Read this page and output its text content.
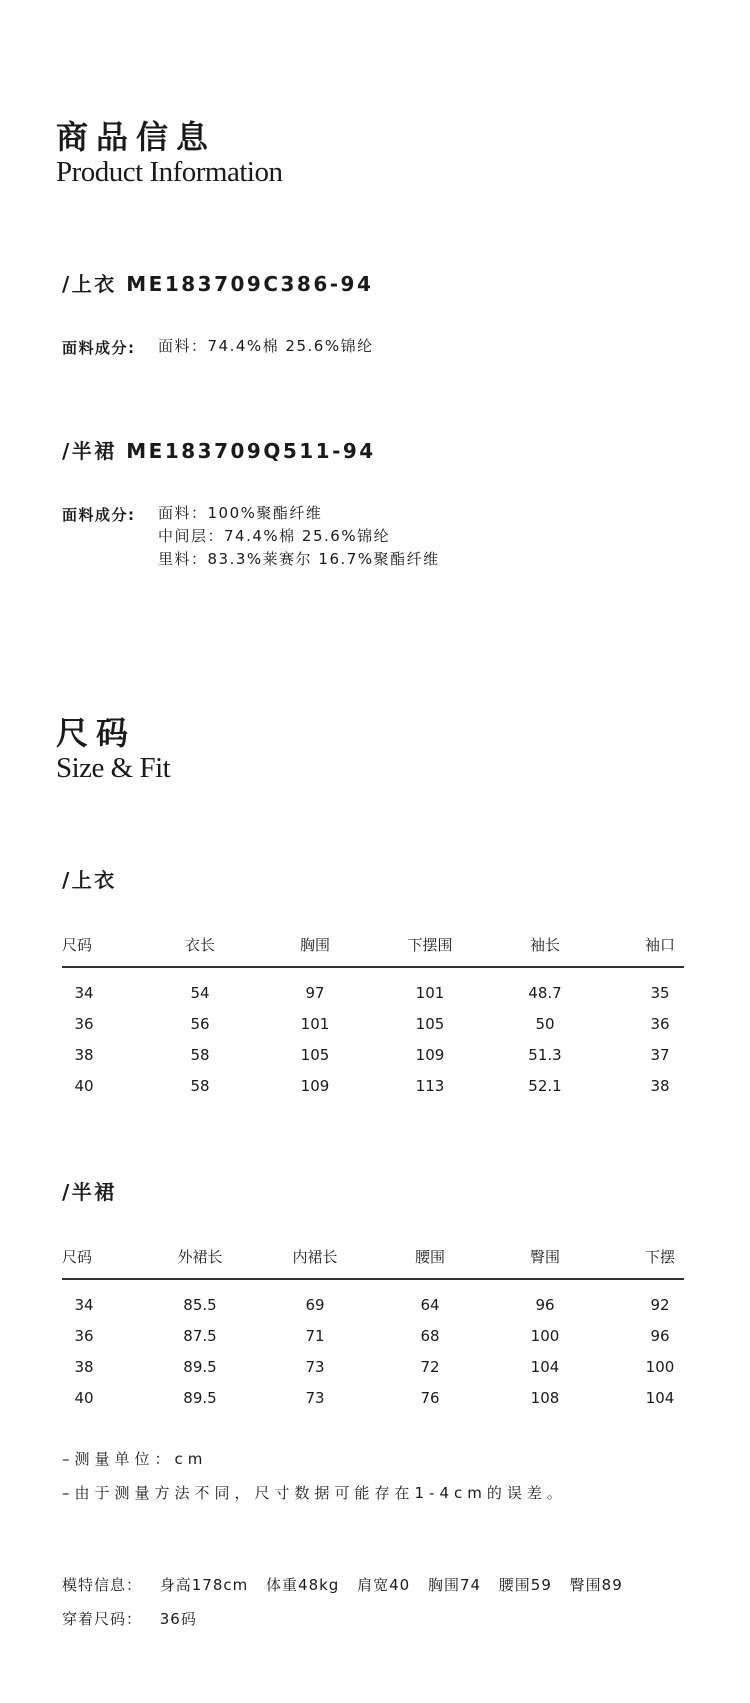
商品信息
Product Information
/上衣 ME183709C386-94
面料成分: 面料：74.4%棉 25.6%锦纶
/半裙 ME183709Q511-94
面料成分: 面料：100%聚酯纤维
中间层：74.4%棉 25.6%锦纶
里料：83.3%莱赛尔 16.7%聚酯纤维
尺码
Size & Fit
/上衣
尺码	衣长	胸围	下摆围	袖长	袖口
34	54	97	101	48.7	35
36	56	101	105	50	36
38	58	105	109	51.3	37
40	58	109	113	52.1	38
/半裙
尺码	外裙长	内裙长	腰围	臀围	下摆
34	85.5	69	64	96	92
36	87.5	71	68	100	96
38	89.5	73	72	104	100
40	89.5	73	76	108	104
–测量单位：cm
–由于测量方法不同，尺寸数据可能存在1-4cm的误差。
模特信息： 身高178cm 体重48kg 肩宽40 胸围74 腰围59 臀围89
穿着尺码： 36码
